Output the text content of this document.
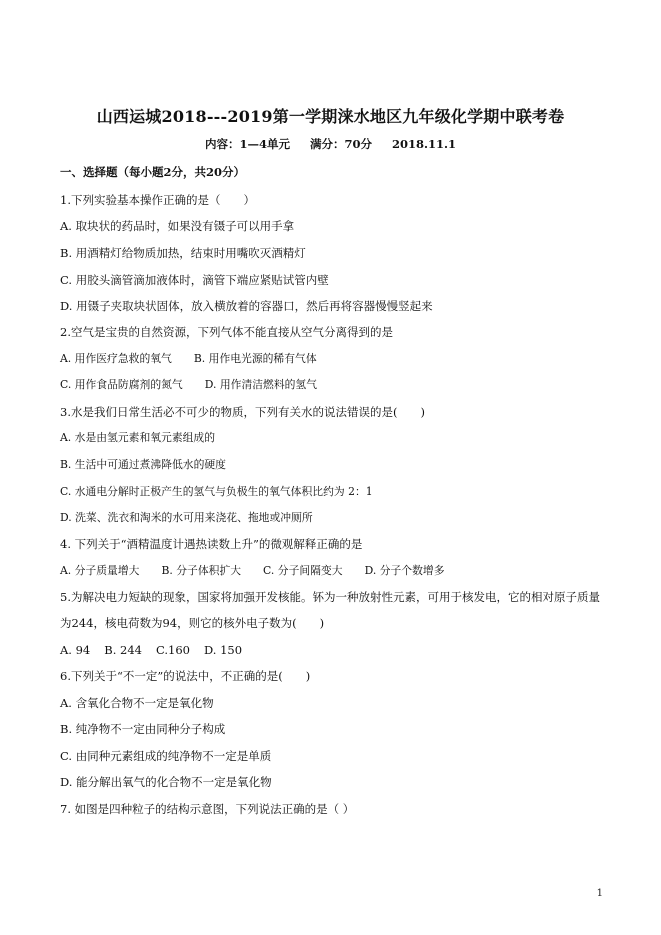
山西运城2018---2019第一学期涞水地区九年级化学期中联考卷
内容：1—4单元 满分：70分 2018.11.1
一、选择题（每小题2分，共20分）
1.下列实验基本操作正确的是（　　）
A. 取块状的药品时，如果没有镊子可以用手拿
B. 用酒精灯给物质加热，结束时用嘴吹灭酒精灯
C. 用胶头滴管滴加液体时，滴管下端应紧贴试管内壁
D. 用镊子夹取块状固体，放入横放着的容器口，然后再将容器慢慢竖起来
2.空气是宝贵的自然资源，下列气体不能直接从空气分离得到的是
A. 用作医疗急救的氧气 B. 用作电光源的稀有气体
C. 用作食品防腐剂的氮气 D. 用作清洁燃料的氢气
3.水是我们日常生活必不可少的物质，下列有关水的说法错误的是(　　)
A. 水是由氢元素和氧元素组成的
B. 生活中可通过煮沸降低水的硬度
C. 水通电分解时正极产生的氢气与负极生的氧气体积比约为 2：1
D. 洗菜、洗衣和淘米的水可用来浇花、拖地或冲厕所
4. 下列关于“酒精温度计遇热读数上升”的微观解释正确的是
A. 分子质量增大 B. 分子体积扩大 C. 分子间隔变大 D. 分子个数增多
5.为解决电力短缺的现象，国家将加强开发核能。钚为一种放射性元素，可用于核发电，它的相对原子质量
为244，核电荷数为94，则它的核外电子数为(　　)
A. 94 B. 244 C.160 D. 150
6.下列关于“不一定”的说法中，不正确的是(　　)
A. 含氧化合物不一定是氧化物
B. 纯净物不一定由同种分子构成
C. 由同种元素组成的纯净物不一定是单质
D. 能分解出氧气的化合物不一定是氧化物
7. 如图是四种粒子的结构示意图，下列说法正确的是（ ）
1
